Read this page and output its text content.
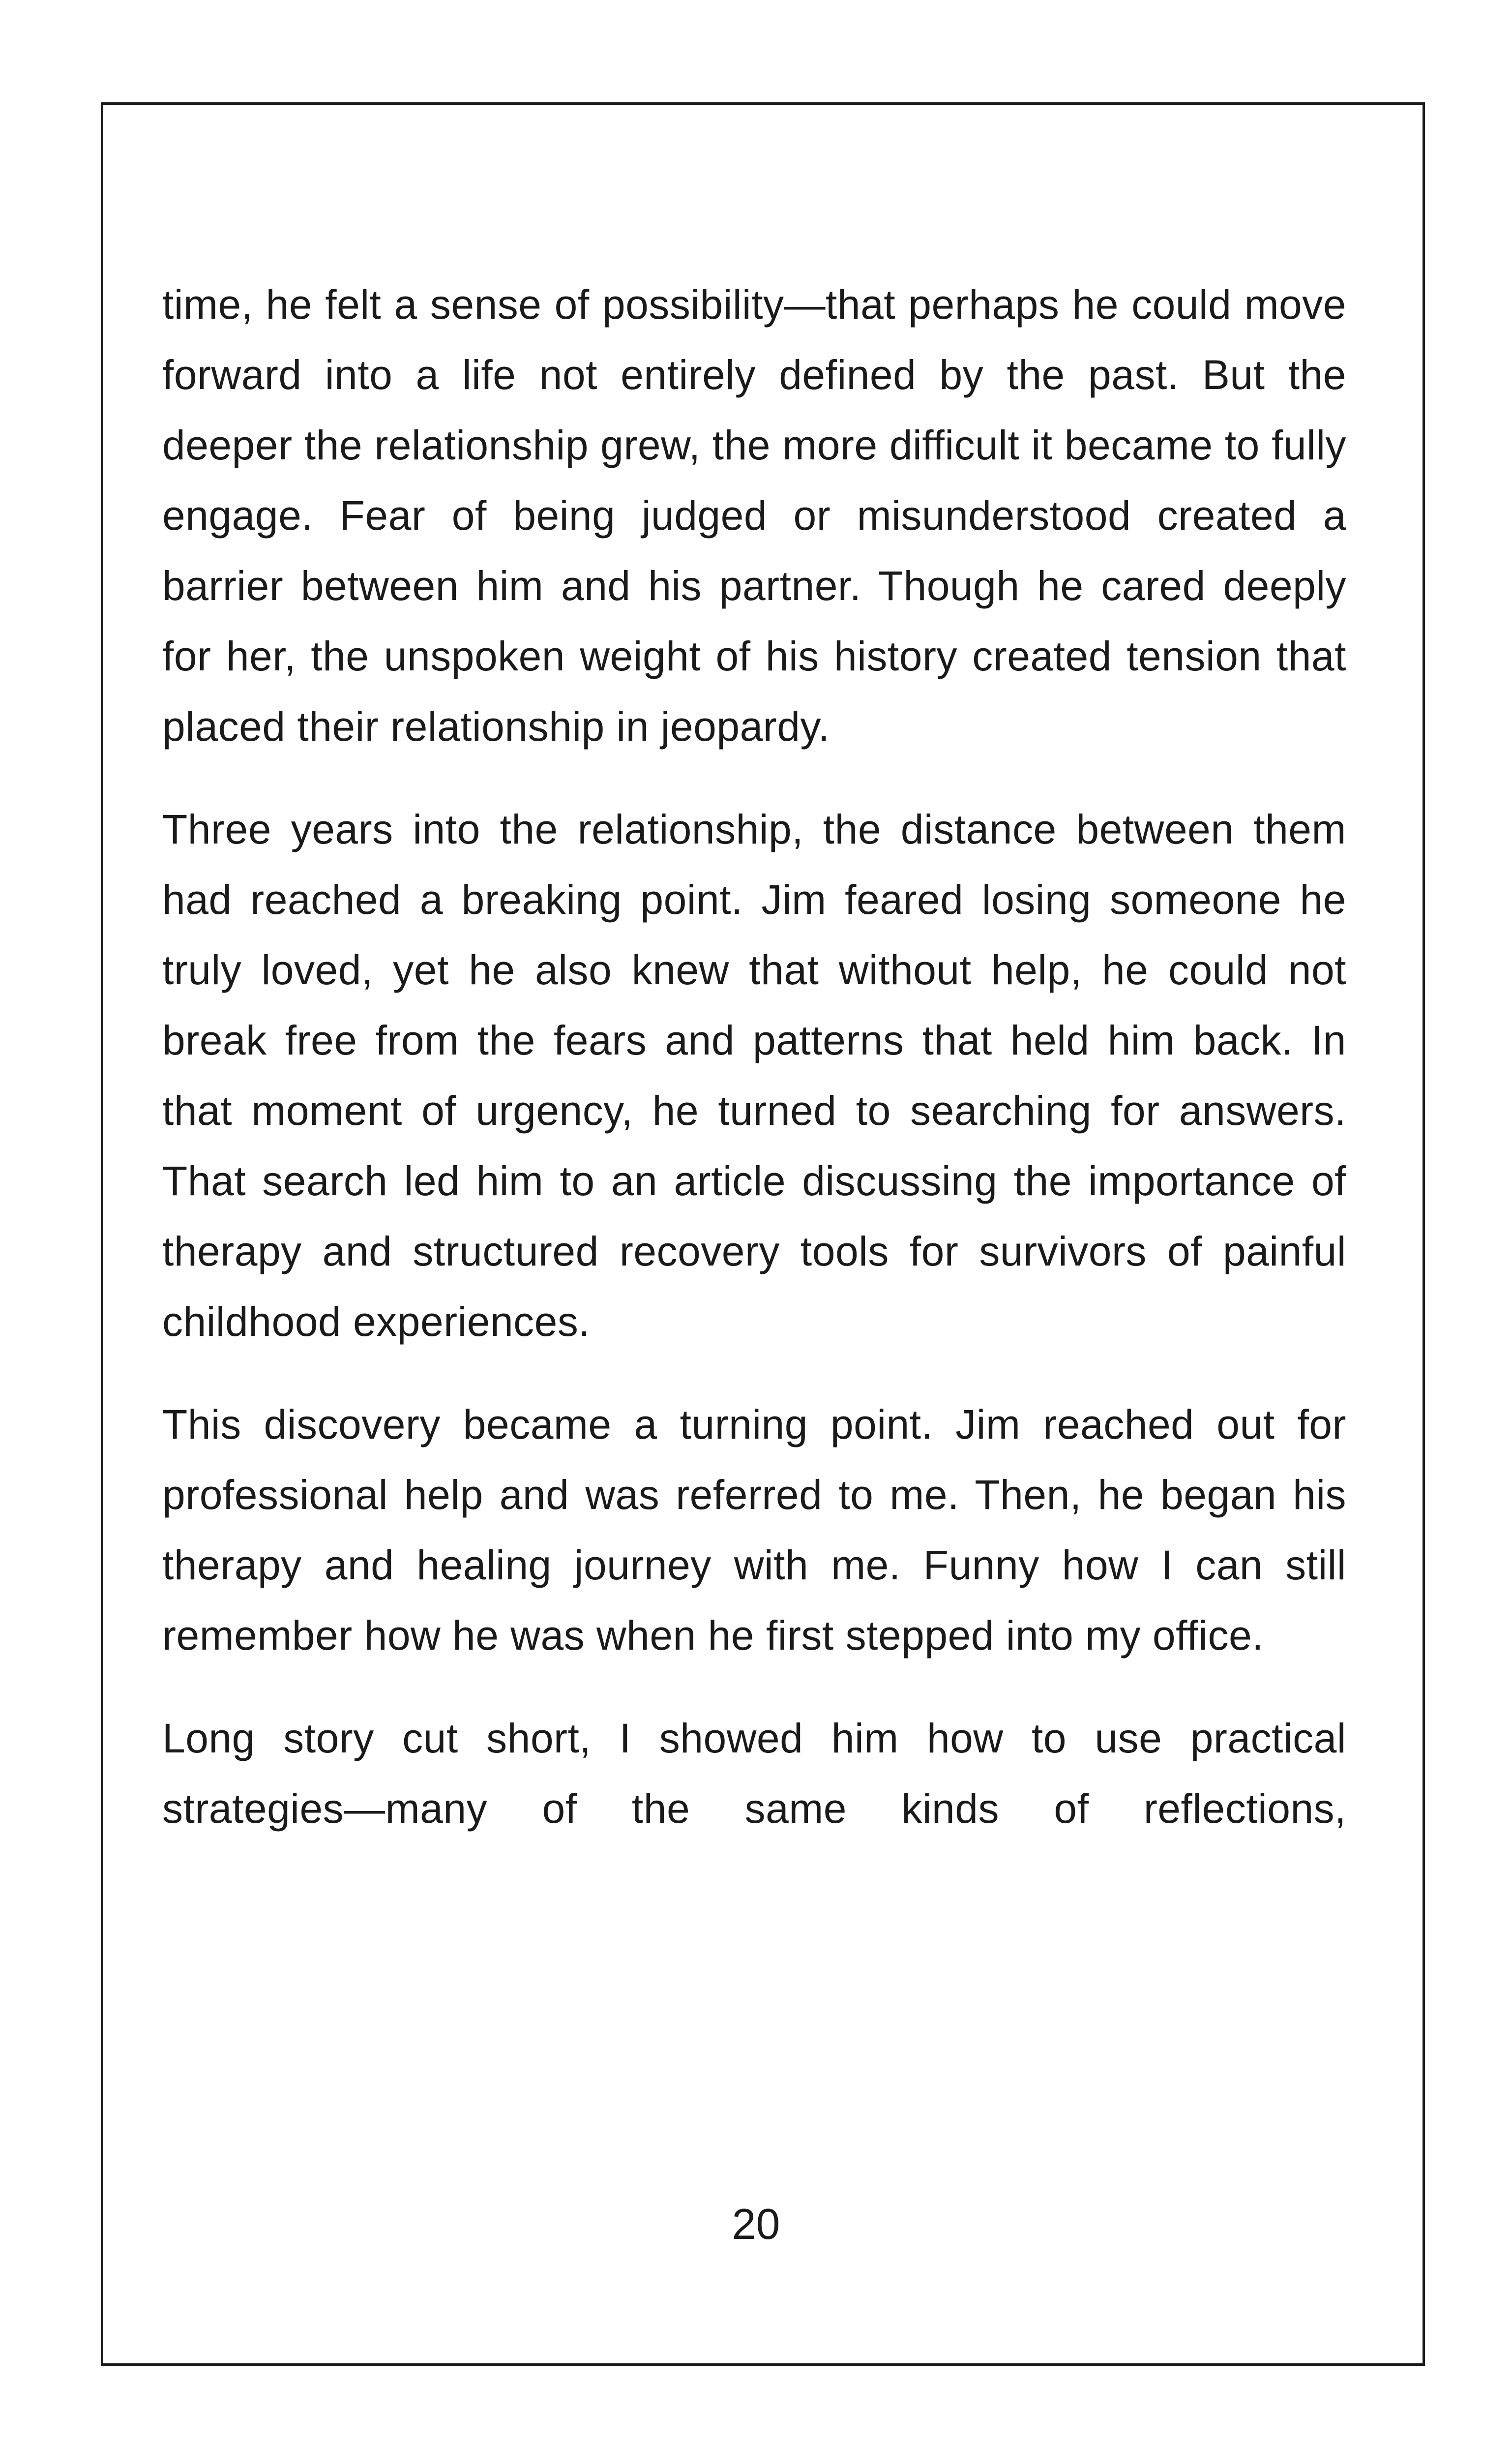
time, he felt a sense of possibility—that perhaps he could move forward into a life not entirely defined by the past. But the deeper the relationship grew, the more difficult it became to fully engage. Fear of being judged or misunderstood created a barrier between him and his partner. Though he cared deeply for her, the unspoken weight of his history created tension that placed their relationship in jeopardy.

Three years into the relationship, the distance between them had reached a breaking point. Jim feared losing someone he truly loved, yet he also knew that without help, he could not break free from the fears and patterns that held him back. In that moment of urgency, he turned to searching for answers. That search led him to an article discussing the importance of therapy and structured recovery tools for survivors of painful childhood experiences.

This discovery became a turning point. Jim reached out for professional help and was referred to me. Then, he began his therapy and healing journey with me. Funny how I can still remember how he was when he first stepped into my office.

Long story cut short, I showed him how to use practical strategies—many of the same kinds of reflections,

20
